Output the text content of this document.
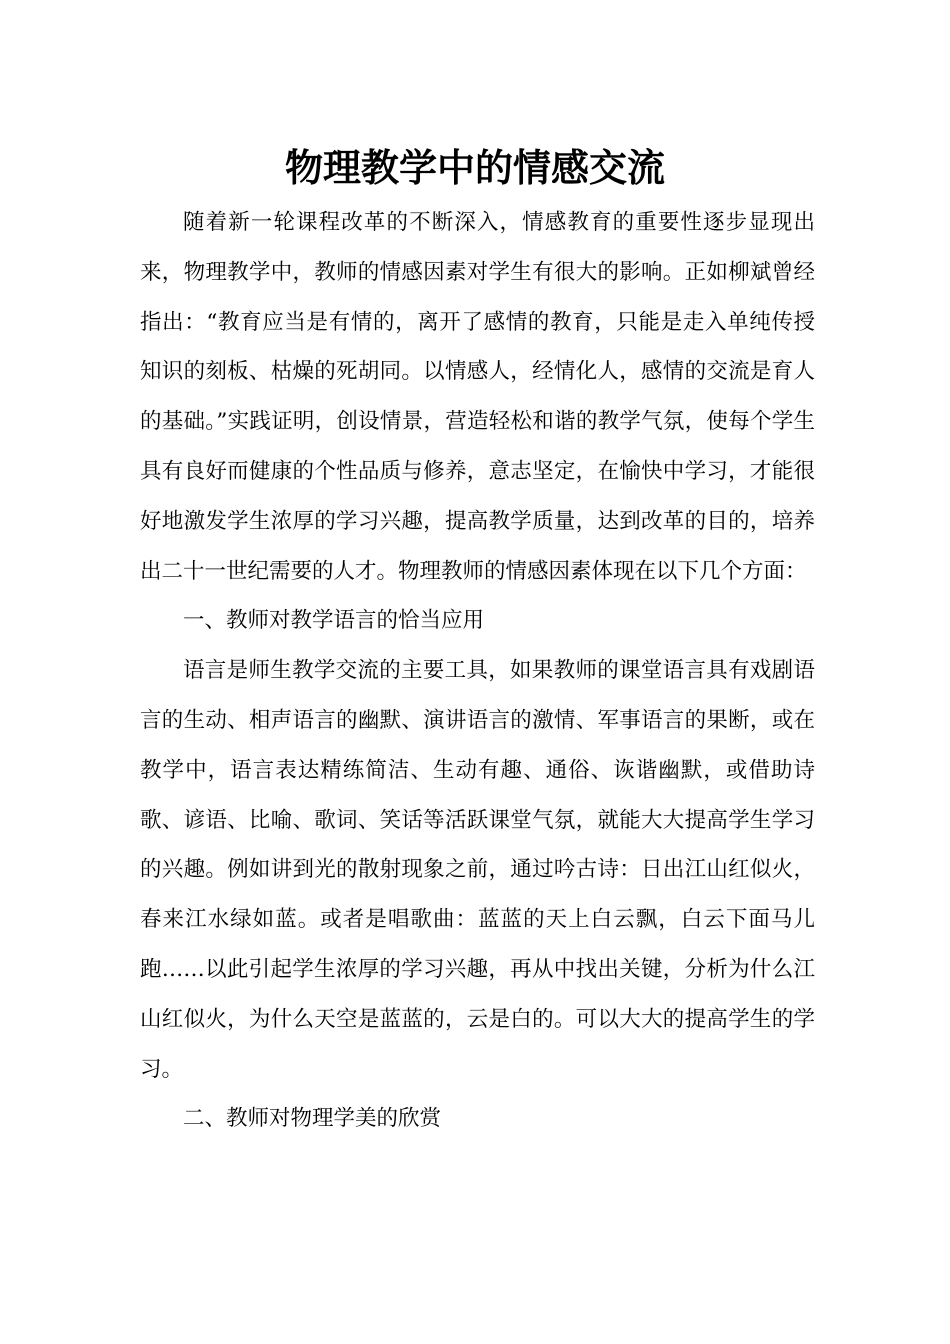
物理教学中的情感交流

随着新一轮课程改革的不断深入，情感教育的重要性逐步显现出来，物理教学中，教师的情感因素对学生有很大的影响。正如柳斌曾经指出：“教育应当是有情的，离开了感情的教育，只能是走入单纯传授知识的刻板、枯燥的死胡同。以情感人，经情化人，感情的交流是育人的基础。”实践证明，创设情景，营造轻松和谐的教学气氛，使每个学生具有良好而健康的个性品质与修养，意志坚定，在愉快中学习，才能很好地激发学生浓厚的学习兴趣，提高教学质量，达到改革的目的，培养出二十一世纪需要的人才。物理教师的情感因素体现在以下几个方面：

一、教师对教学语言的恰当应用

语言是师生教学交流的主要工具，如果教师的课堂语言具有戏剧语言的生动、相声语言的幽默、演讲语言的激情、军事语言的果断，或在教学中，语言表达精练简洁、生动有趣、通俗、诙谐幽默，或借助诗歌、谚语、比喻、歌词、笑话等活跃课堂气氛，就能大大提高学生学习的兴趣。例如讲到光的散射现象之前，通过吟古诗：日出江山红似火，春来江水绿如蓝。或者是唱歌曲：蓝蓝的天上白云飘，白云下面马儿跑……以此引起学生浓厚的学习兴趣，再从中找出关键，分析为什么江山红似火，为什么天空是蓝蓝的，云是白的。可以大大的提高学生的学习。

二、教师对物理学美的欣赏
